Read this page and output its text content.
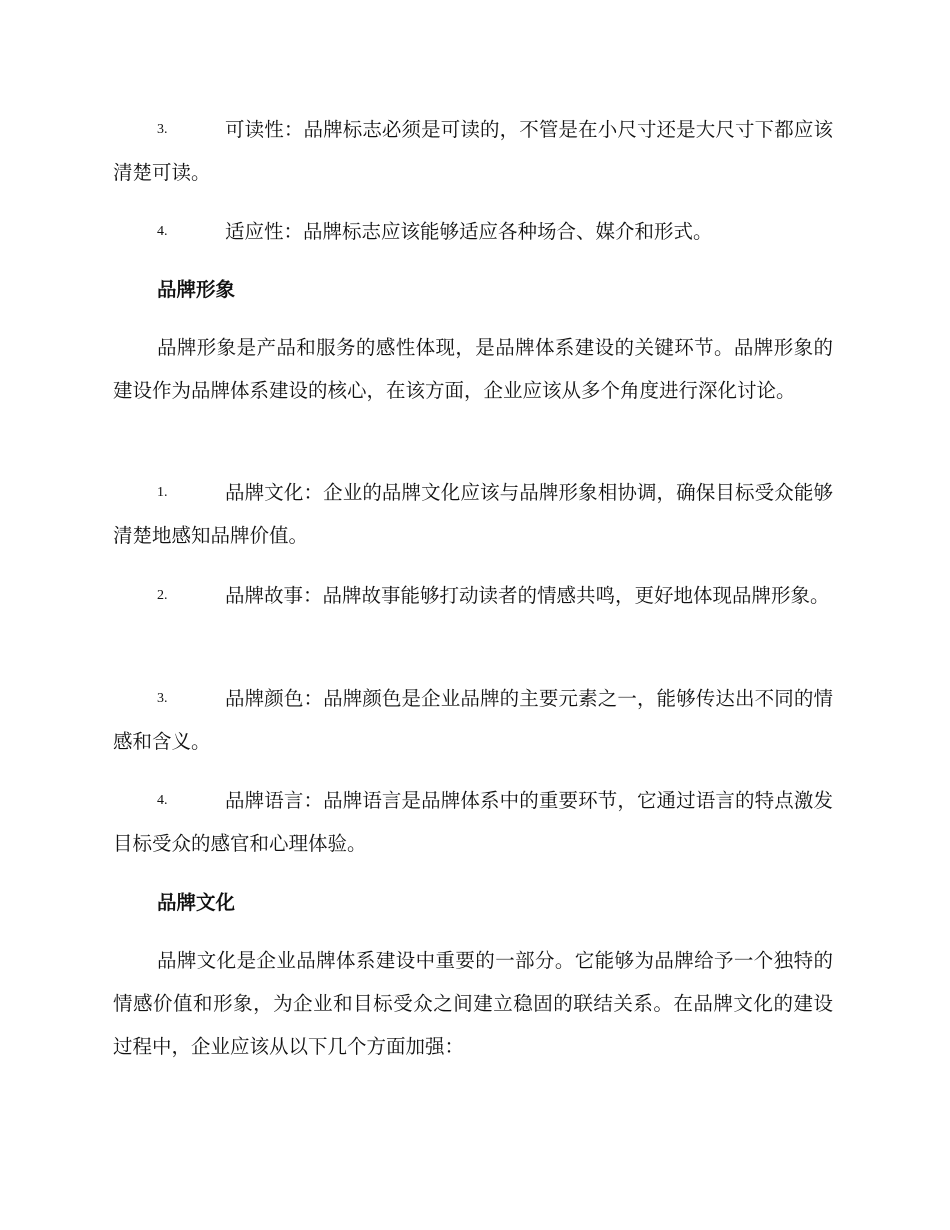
3.	可读性：品牌标志必须是可读的，不管是在小尺寸还是大尺寸下都应该清楚可读。

4.	适应性：品牌标志应该能够适应各种场合、媒介和形式。

品牌形象

品牌形象是产品和服务的感性体现，是品牌体系建设的关键环节。品牌形象的建设作为品牌体系建设的核心，在该方面，企业应该从多个角度进行深化讨论。

1.	品牌文化：企业的品牌文化应该与品牌形象相协调，确保目标受众能够清楚地感知品牌价值。

2.	品牌故事：品牌故事能够打动读者的情感共鸣，更好地体现品牌形象。

3.	品牌颜色：品牌颜色是企业品牌的主要元素之一，能够传达出不同的情感和含义。

4.	品牌语言：品牌语言是品牌体系中的重要环节，它通过语言的特点激发目标受众的感官和心理体验。

品牌文化

品牌文化是企业品牌体系建设中重要的一部分。它能够为品牌给予一个独特的情感价值和形象，为企业和目标受众之间建立稳固的联结关系。在品牌文化的建设过程中，企业应该从以下几个方面加强：
